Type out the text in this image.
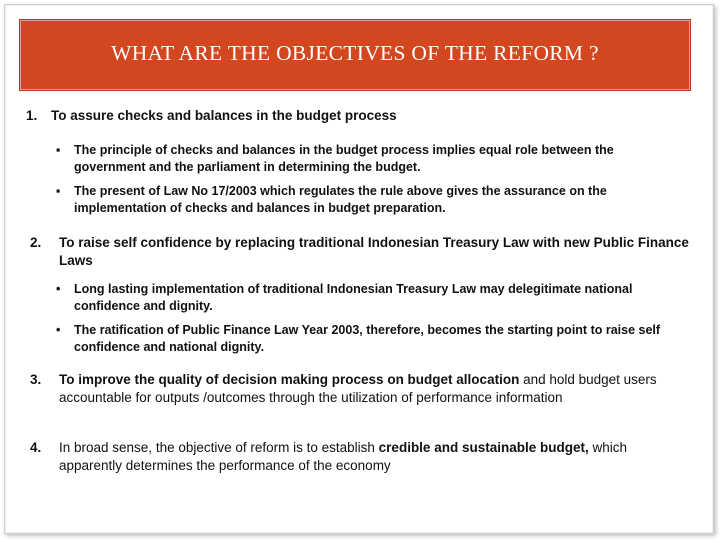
WHAT ARE THE OBJECTIVES OF THE REFORM ?
1. To assure checks and balances in the budget process
▪ The principle of checks and balances in the budget process implies equal role between the government and the parliament in determining the budget.
▪ The present of Law No 17/2003 which regulates the rule above gives the assurance on the implementation of checks and balances in budget preparation.
2. To raise self confidence by replacing traditional Indonesian Treasury Law with new Public Finance Laws
• Long lasting implementation of traditional Indonesian Treasury Law may delegitimate national confidence and dignity.
• The ratification of Public Finance Law Year 2003, therefore, becomes the starting point to raise self confidence and national dignity.
3. To improve the quality of decision making process on budget allocation and hold budget users accountable for outputs /outcomes through the utilization of performance information
4. In broad sense, the objective of reform is to establish credible and sustainable budget, which apparently determines the performance of the economy
